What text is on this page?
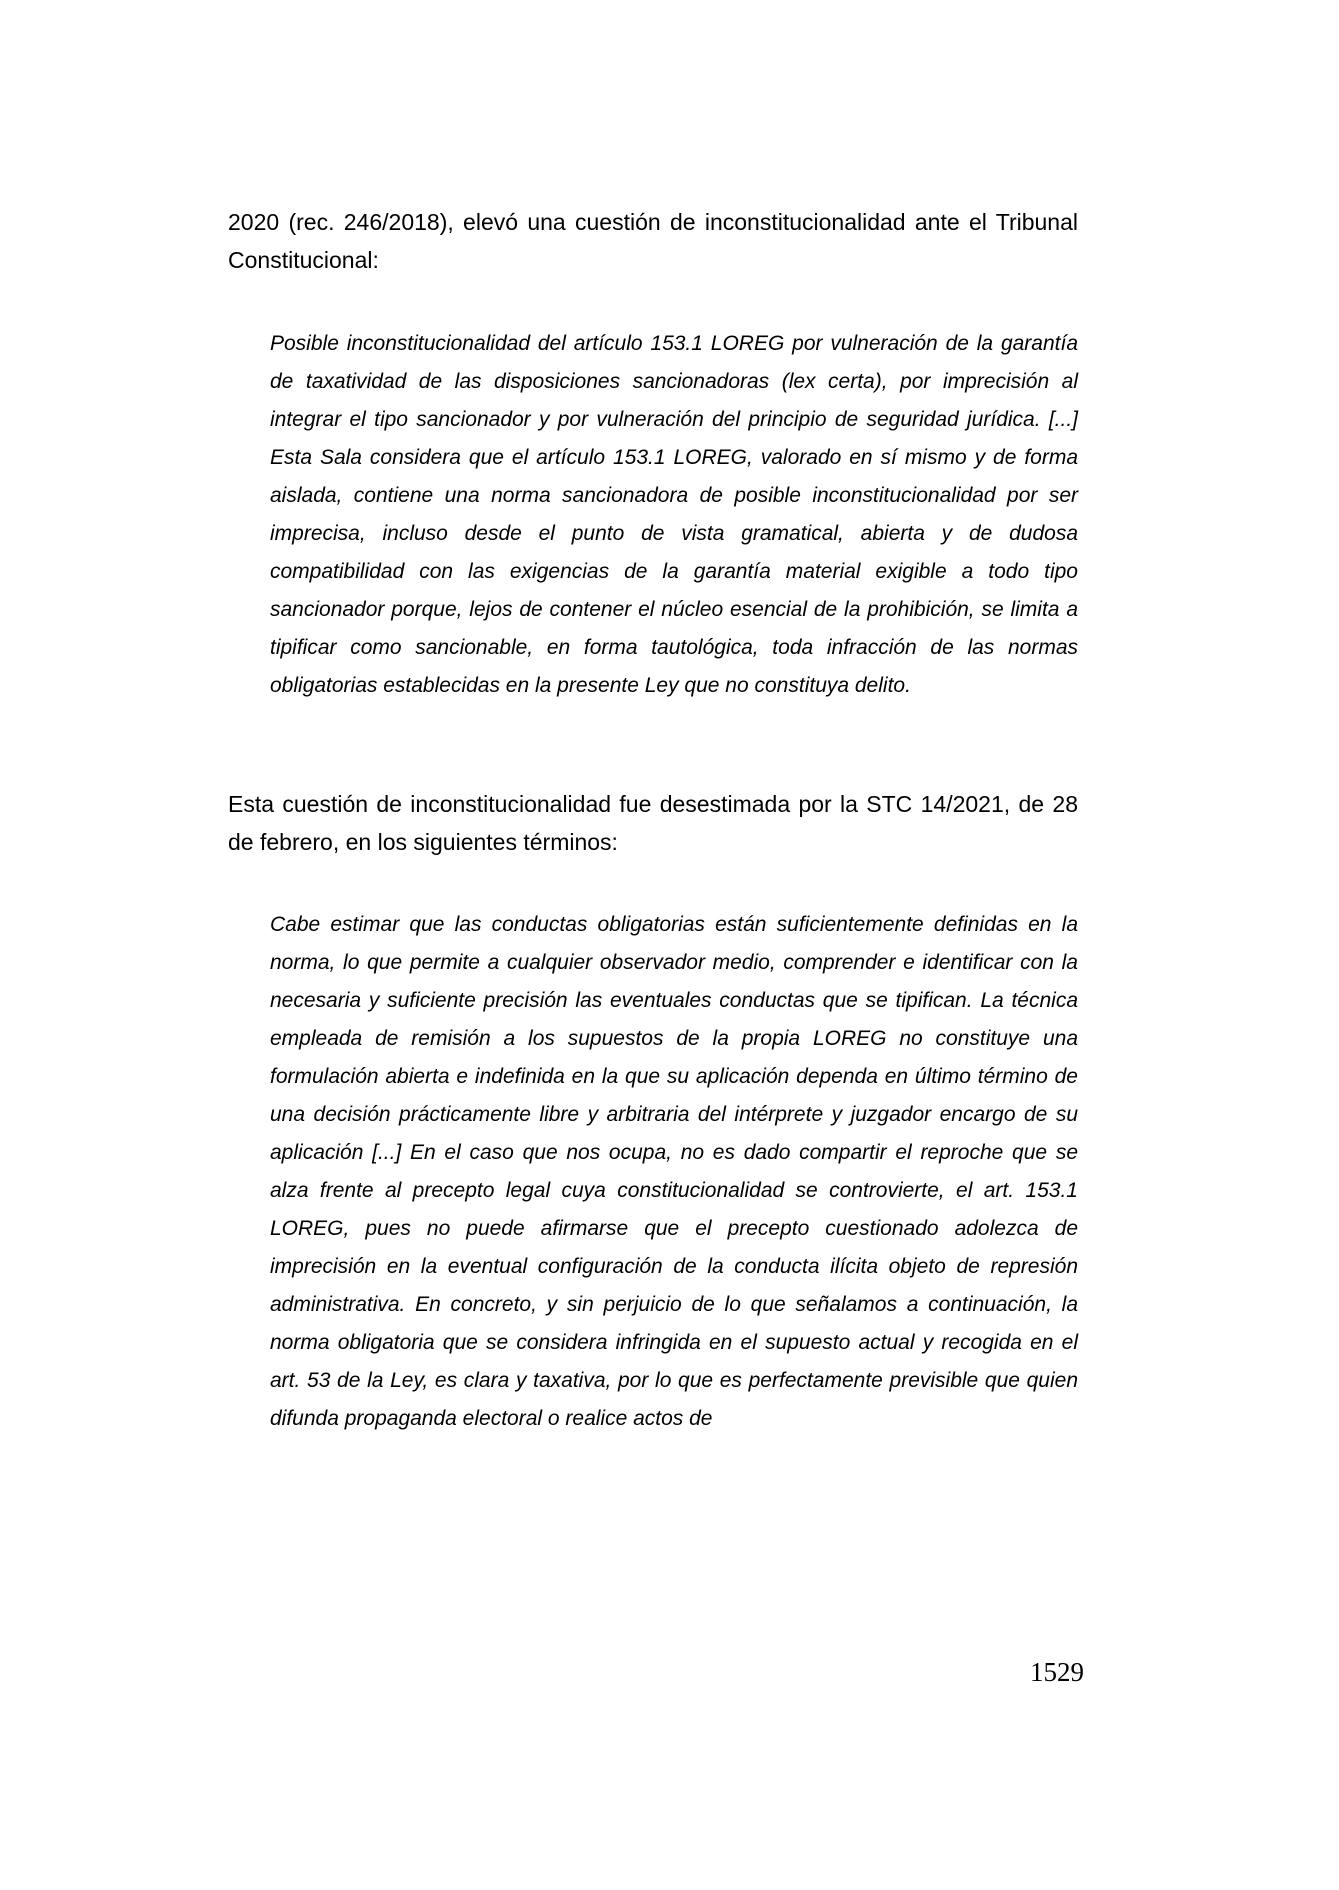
2020 (rec. 246/2018), elevó una cuestión de inconstitucionalidad ante el Tribunal Constitucional:

Posible inconstitucionalidad del artículo 153.1 LOREG por vulneración de la garantía de taxatividad de las disposiciones sancionadoras (lex certa), por imprecisión al integrar el tipo sancionador y por vulneración del principio de seguridad jurídica. [...] Esta Sala considera que el artículo 153.1 LOREG, valorado en sí mismo y de forma aislada, contiene una norma sancionadora de posible inconstitucionalidad por ser imprecisa, incluso desde el punto de vista gramatical, abierta y de dudosa compatibilidad con las exigencias de la garantía material exigible a todo tipo sancionador porque, lejos de contener el núcleo esencial de la prohibición, se limita a tipificar como sancionable, en forma tautológica, toda infracción de las normas obligatorias establecidas en la presente Ley que no constituya delito.

Esta cuestión de inconstitucionalidad fue desestimada por la STC 14/2021, de 28 de febrero, en los siguientes términos:

Cabe estimar que las conductas obligatorias están suficientemente definidas en la norma, lo que permite a cualquier observador medio, comprender e identificar con la necesaria y suficiente precisión las eventuales conductas que se tipifican. La técnica empleada de remisión a los supuestos de la propia LOREG no constituye una formulación abierta e indefinida en la que su aplicación dependa en último término de una decisión prácticamente libre y arbitraria del intérprete y juzgador encargo de su aplicación [...] En el caso que nos ocupa, no es dado compartir el reproche que se alza frente al precepto legal cuya constitucionalidad se controvierte, el art. 153.1 LOREG, pues no puede afirmarse que el precepto cuestionado adolezca de imprecisión en la eventual configuración de la conducta ilícita objeto de represión administrativa. En concreto, y sin perjuicio de lo que señalamos a continuación, la norma obligatoria que se considera infringida en el supuesto actual y recogida en el art. 53 de la Ley, es clara y taxativa, por lo que es perfectamente previsible que quien difunda propaganda electoral o realice actos de

1529
